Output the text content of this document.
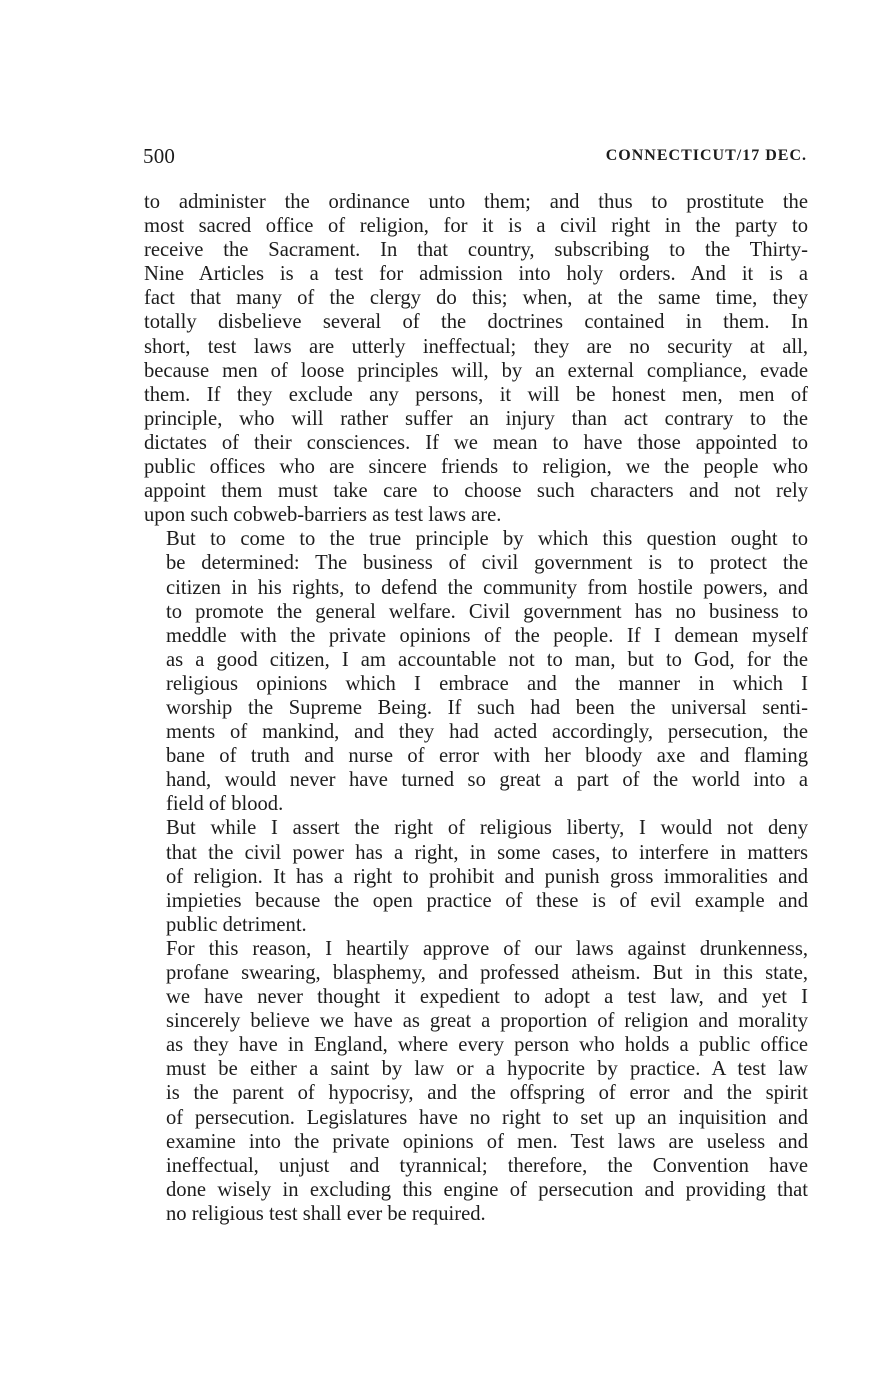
500	CONNECTICUT/17 DEC.

to administer the ordinance unto them; and thus to prostitute the
most sacred office of religion, for it is a civil right in the party to
receive the Sacrament. In that country, subscribing to the Thirty-
Nine Articles is a test for admission into holy orders. And it is a
fact that many of the clergy do this; when, at the same time, they
totally disbelieve several of the doctrines contained in them. In
short, test laws are utterly ineffectual; they are no security at all,
because men of loose principles will, by an external compliance, evade
them. If they exclude any persons, it will be honest men, men of
principle, who will rather suffer an injury than act contrary to the
dictates of their consciences. If we mean to have those appointed to
public offices who are sincere friends to religion, we the people who
appoint them must take care to choose such characters and not rely
upon such cobweb-barriers as test laws are.

But to come to the true principle by which this question ought to
be determined: The business of civil government is to protect the
citizen in his rights, to defend the community from hostile powers, and
to promote the general welfare. Civil government has no business to
meddle with the private opinions of the people. If I demean myself
as a good citizen, I am accountable not to man, but to God, for the
religious opinions which I embrace and the manner in which I
worship the Supreme Being. If such had been the universal senti-
ments of mankind, and they had acted accordingly, persecution, the
bane of truth and nurse of error with her bloody axe and flaming
hand, would never have turned so great a part of the world into a
field of blood.

But while I assert the right of religious liberty, I would not deny
that the civil power has a right, in some cases, to interfere in matters
of religion. It has a right to prohibit and punish gross immoralities and
impieties because the open practice of these is of evil example and
public detriment.

For this reason, I heartily approve of our laws against drunkenness,
profane swearing, blasphemy, and professed atheism. But in this state,
we have never thought it expedient to adopt a test law, and yet I
sincerely believe we have as great a proportion of religion and morality
as they have in England, where every person who holds a public office
must be either a saint by law or a hypocrite by practice. A test law
is the parent of hypocrisy, and the offspring of error and the spirit
of persecution. Legislatures have no right to set up an inquisition and
examine into the private opinions of men. Test laws are useless and
ineffectual, unjust and tyrannical; therefore, the Convention have
done wisely in excluding this engine of persecution and providing that
no religious test shall ever be required.
